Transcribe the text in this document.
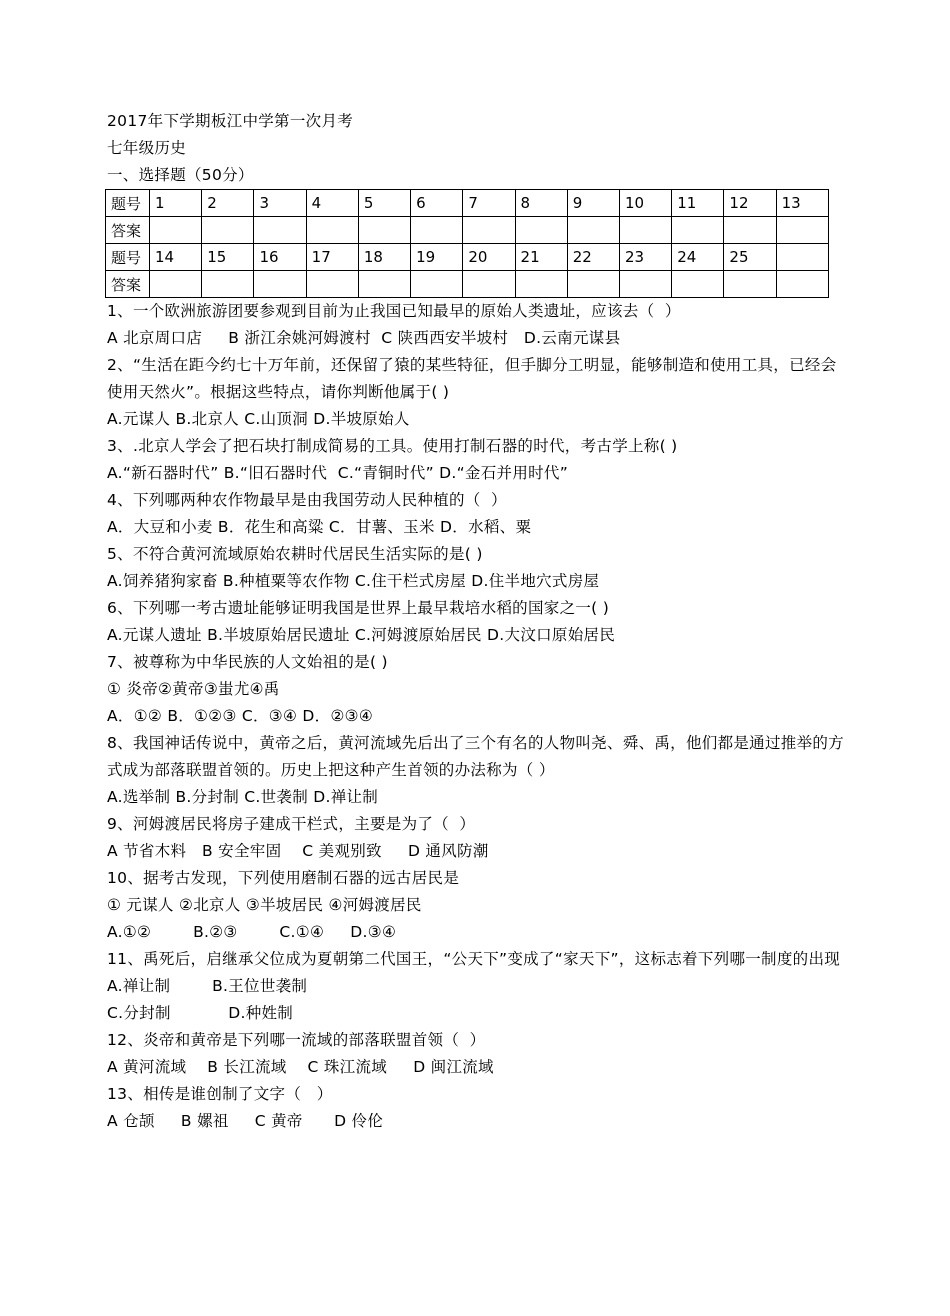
2017年下学期板江中学第一次月考
七年级历史
一、选择题（50分）
题号	1	2	3	4	5	6	7	8	9	10	11	12	13
答案													
题号	14	15	16	17	18	19	20	21	22	23	24	25	
答案													
1、一个欧洲旅游团要参观到目前为止我国已知最早的原始人类遗址，应该去（  ）
A 北京周口店     B 浙江余姚河姆渡村  C 陕西西安半坡村   D.云南元谋县
2、“生活在距今约七十万年前，还保留了猿的某些特征，但手脚分工明显，能够制造和使用工具，已经会使用天然火”。根据这些特点，请你判断他属于( )
A.元谋人 B.北京人 C.山顶洞 D.半坡原始人
3、.北京人学会了把石块打制成简易的工具。使用打制石器的时代，考古学上称( )
A.“新石器时代” B.“旧石器时代  C.“青铜时代” D.“金石并用时代”
4、下列哪两种农作物最早是由我国劳动人民种植的（  ）
A．大豆和小麦 B．花生和高粱 C．甘薯、玉米 D．水稻、粟
5、不符合黄河流域原始农耕时代居民生活实际的是( )
A.饲养猪狗家畜 B.种植粟等农作物 C.住干栏式房屋 D.住半地穴式房屋
6、下列哪一考古遗址能够证明我国是世界上最早栽培水稻的国家之一( )
A.元谋人遗址 B.半坡原始居民遗址 C.河姆渡原始居民 D.大汶口原始居民
7、被尊称为中华民族的人文始祖的是( )
① 炎帝②黄帝③蚩尤④禹
A．①② B．①②③ C．③④ D．②③④
8、我国神话传说中，黄帝之后，黄河流域先后出了三个有名的人物叫尧、舜、禹，他们都是通过推举的方式成为部落联盟首领的。历史上把这种产生首领的办法称为（ ）
A.选举制 B.分封制 C.世袭制 D.禅让制
9、河姆渡居民将房子建成干栏式，主要是为了（  ）
A 节省木料   B 安全牢固    C 美观别致     D 通风防潮
10、据考古发现，下列使用磨制石器的远古居民是
① 元谋人 ②北京人 ③半坡居民 ④河姆渡居民
A.①②        B.②③        C.①④     D.③④
11、禹死后，启继承父位成为夏朝第二代国王，“公天下”变成了“家天下”，这标志着下列哪一制度的出现
A.禅让制        B.王位世袭制
C.分封制           D.种姓制
12、炎帝和黄帝是下列哪一流域的部落联盟首领（  ）
A 黄河流域    B 长江流域    C 珠江流域     D 闽江流域
13、相传是谁创制了文字（   ）
A 仓颉     B 嫘祖     C 黄帝      D 伶伦
